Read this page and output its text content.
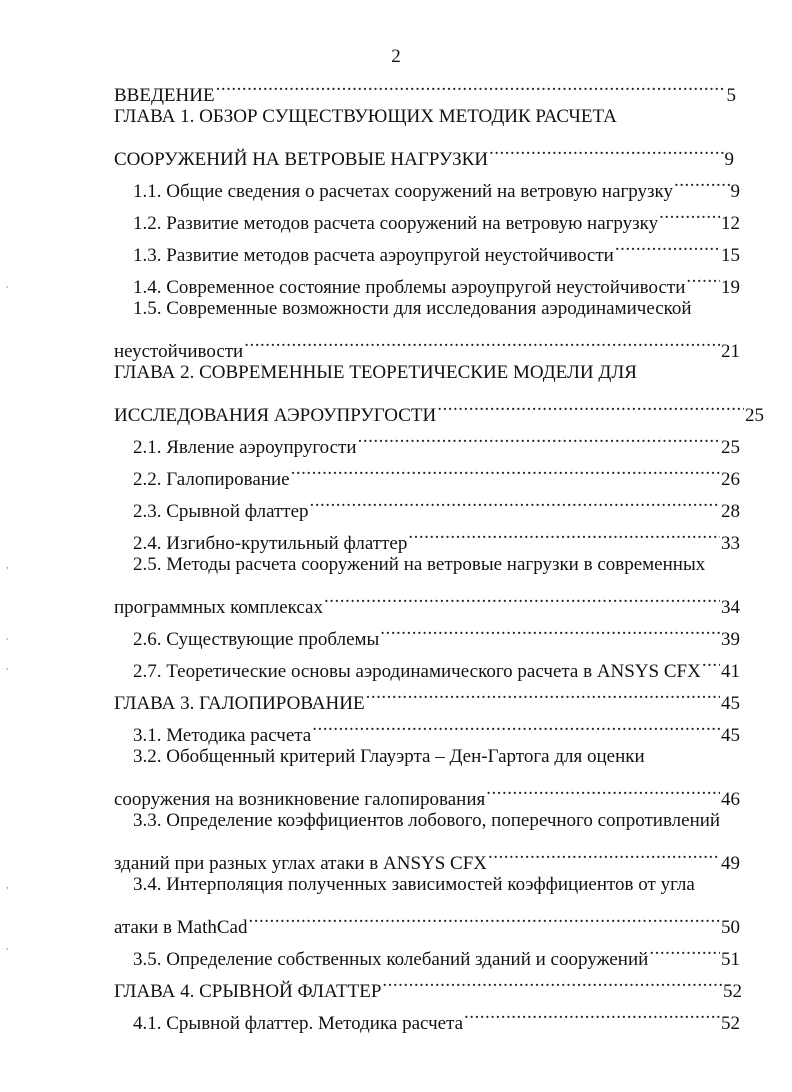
2
ВВЕДЕНИЕ .....	5
ГЛАВА 1. ОБЗОР СУЩЕСТВУЮЩИХ МЕТОДИК РАСЧЕТА
СООРУЖЕНИЙ НА ВЕТРОВЫЕ НАГРУЗКИ .....	9
1.1. Общие сведения о расчетах сооружений на ветровую нагрузку .....	9
1.2. Развитие методов расчета сооружений на ветровую нагрузку .....	12
1.3. Развитие методов расчета аэроупругой неустойчивости .....	15
1.4. Современное состояние проблемы аэроупругой неустойчивости ..... 19
1.5. Современные возможности для исследования аэродинамической
неустойчивости .....	21
ГЛАВА 2. СОВРЕМЕННЫЕ ТЕОРЕТИЧЕСКИЕ МОДЕЛИ ДЛЯ
ИССЛЕДОВАНИЯ АЭРОУПРУГОСТИ .....	25
2.1. Явление аэроупругости .....	25
2.2. Галопирование .....	26
2.3. Срывной флаттер .....	28
2.4. Изгибно-крутильный флаттер .....	33
2.5. Методы расчета сооружений на ветровые нагрузки в современных
программных комплексах .....	34
2.6. Существующие проблемы .....	39
2.7. Теоретические основы аэродинамического расчета в ANSYS CFX ..... 41
ГЛАВА 3. ГАЛОПИРОВАНИЕ .....	45
3.1. Методика расчета .....	45
3.2. Обобщенный критерий Глауэрта – Ден-Гартога для оценки
сооружения на возникновение галопирования .....	46
3.3. Определение коэффициентов лобового, поперечного сопротивлений
зданий при разных углах атаки в ANSYS CFX .....	49
3.4. Интерполяция полученных зависимостей коэффициентов от угла
атаки в MathCad .....	50
3.5. Определение собственных колебаний зданий и сооружений .....	51
ГЛАВА 4. СРЫВНОЙ ФЛАТТЕР .....	52
4.1. Срывной флаттер. Методика расчета .....	52
˛
,
˛
˛
,
˛
